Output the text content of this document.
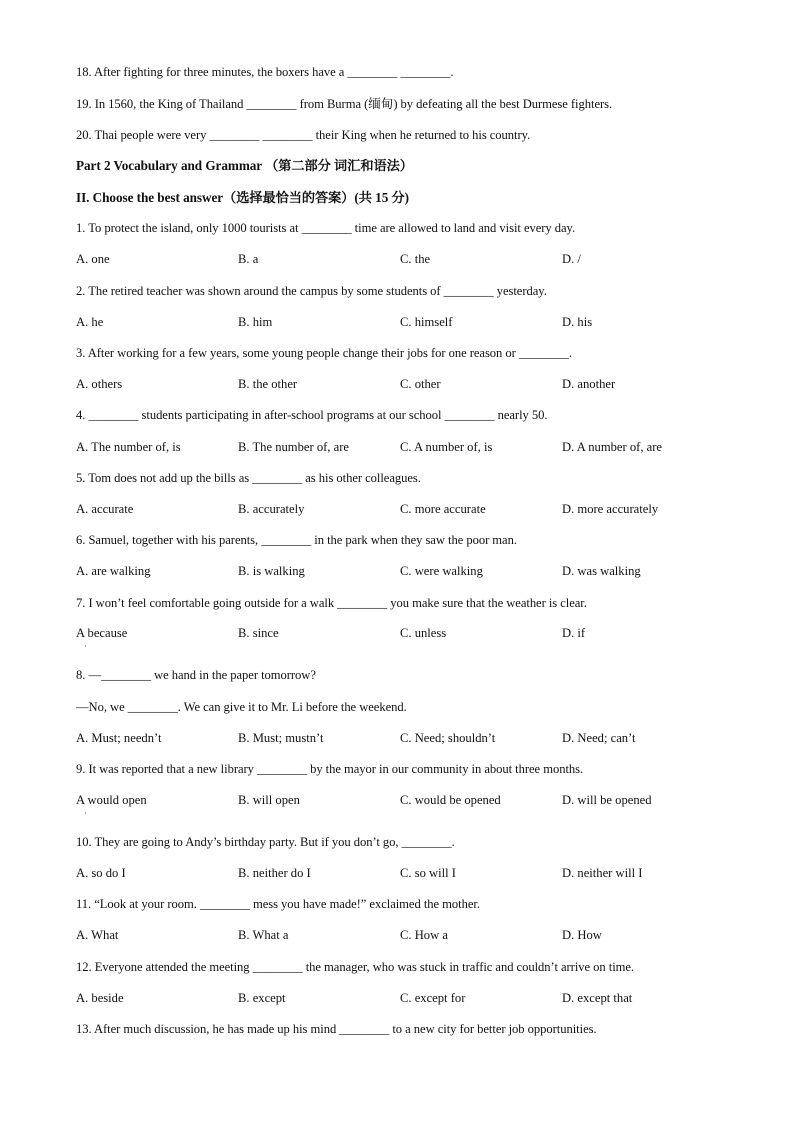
18. After fighting for three minutes, the boxers have a ________ ________.
19. In 1560, the King of Thailand ________ from Burma (缅甸) by defeating all the best Durmese fighters.
20. Thai people were very ________ ________ their King when he returned to his country.
Part 2 Vocabulary and Grammar （第二部分 词汇和语法）
II. Choose the best answer（选择最恰当的答案）(共 15 分)
1. To protect the island, only 1000 tourists at ________ time are allowed to land and visit every day.
A. one	B. a	C. the	D. /
2. The retired teacher was shown around the campus by some students of ________ yesterday.
A. he	B. him	C. himself	D. his
3. After working for a few years, some young people change their jobs for one reason or ________.
A. others	B. the other	C. other	D. another
4. ________ students participating in after-school programs at our school ________ nearly 50.
A. The number of, is	B. The number of, are	C. A number of, is	D. A number of, are
5. Tom does not add up the bills as ________ as his other colleagues.
A. accurate	B. accurately	C. more accurate	D. more accurately
6. Samuel, together with his parents, ________ in the park when they saw the poor man.
A. are walking	B. is walking	C. were walking	D. was walking
7. I won’t feel comfortable going outside for a walk ________ you make sure that the weather is clear.
A because	B. since	C. unless	D. if
·
8. —________ we hand in the paper tomorrow?
—No, we ________. We can give it to Mr. Li before the weekend.
A. Must; needn’t	B. Must; mustn’t	C. Need; shouldn’t	D. Need; can’t
9. It was reported that a new library ________ by the mayor in our community in about three months.
A would open	B. will open	C. would be opened	D. will be opened
·
10. They are going to Andy’s birthday party. But if you don’t go, ________.
A. so do I	B. neither do I	C. so will I	D. neither will I
11. “Look at your room. ________ mess you have made!” exclaimed the mother.
A. What	B. What a	C. How a	D. How
12. Everyone attended the meeting ________ the manager, who was stuck in traffic and couldn’t arrive on time.
A. beside	B. except	C. except for	D. except that
13. After much discussion, he has made up his mind ________ to a new city for better job opportunities.
